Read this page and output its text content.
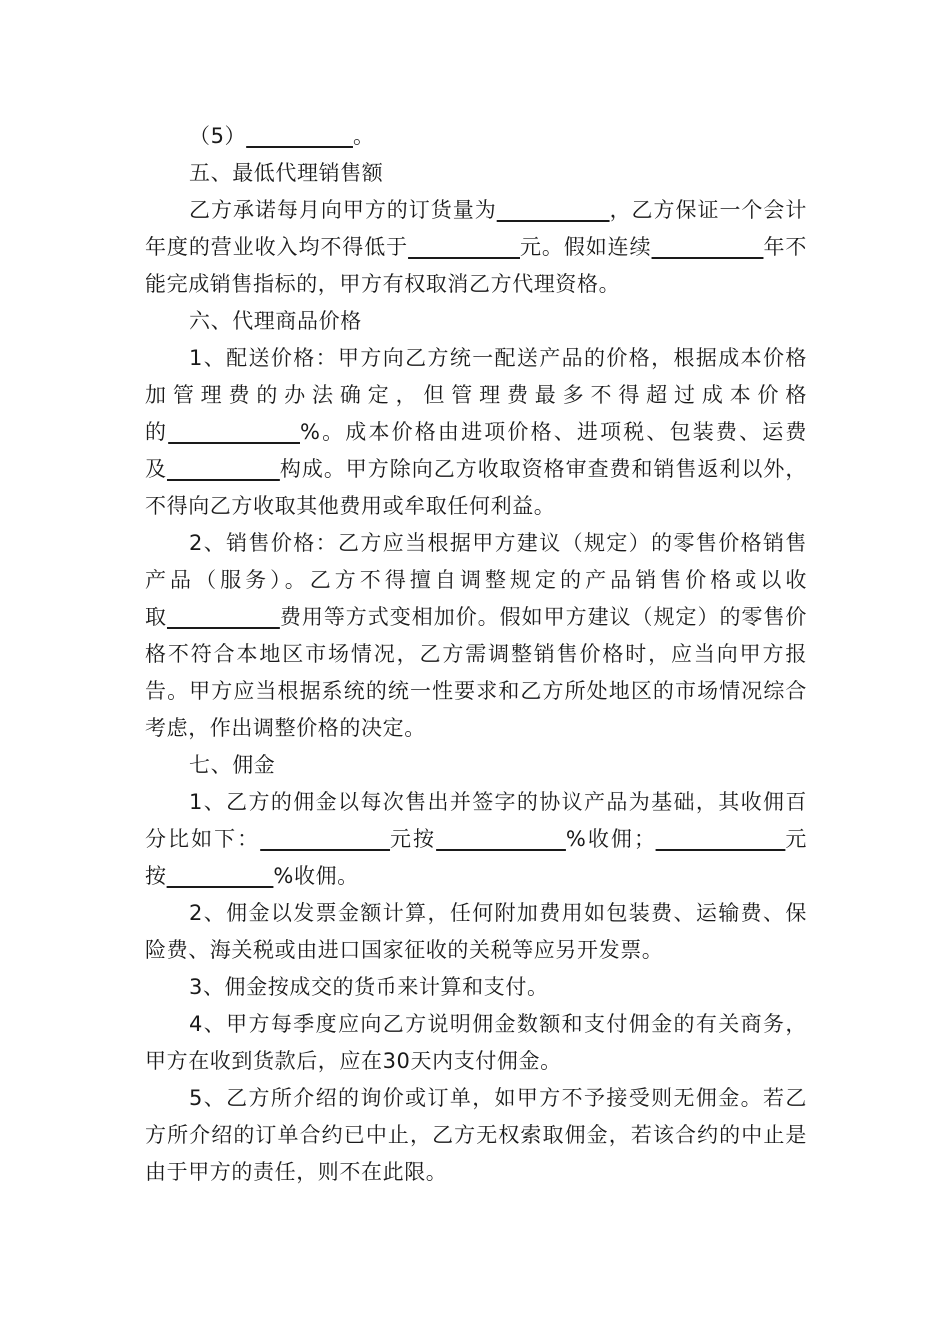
（5）	。

五、最低代理销售额

乙方承诺每月向甲方的订货量为	，乙方保证一个会计年度的营业收入均不得低于	元。假如连续	年不能完成销售指标的，甲方有权取消乙方代理资格。

六、代理商品价格

1、配送价格：甲方向乙方统一配送产品的价格，根据成本价格加管理费的办法确定，但管理费最多不得超过成本价格的	%。成本价格由进项价格、进项税、包装费、运费及	构成。甲方除向乙方收取资格审查费和销售返利以外，不得向乙方收取其他费用或牟取任何利益。

2、销售价格：乙方应当根据甲方建议（规定）的零售价格销售产品（服务）。乙方不得擅自调整规定的产品销售价格或以收取	费用等方式变相加价。假如甲方建议（规定）的零售价格不符合本地区市场情况，乙方需调整销售价格时，应当向甲方报告。甲方应当根据系统的统一性要求和乙方所处地区的市场情况综合考虑，作出调整价格的决定。

七、佣金

1、乙方的佣金以每次售出并签字的协议产品为基础，其收佣百分比如下：	元按	%收佣；	元按	%收佣。

2、佣金以发票金额计算，任何附加费用如包装费、运输费、保险费、海关税或由进口国家征收的关税等应另开发票。

3、佣金按成交的货币来计算和支付。

4、甲方每季度应向乙方说明佣金数额和支付佣金的有关商务，甲方在收到货款后，应在30天内支付佣金。

5、乙方所介绍的询价或订单，如甲方不予接受则无佣金。若乙方所介绍的订单合约已中止，乙方无权索取佣金，若该合约的中止是由于甲方的责任，则不在此限。
